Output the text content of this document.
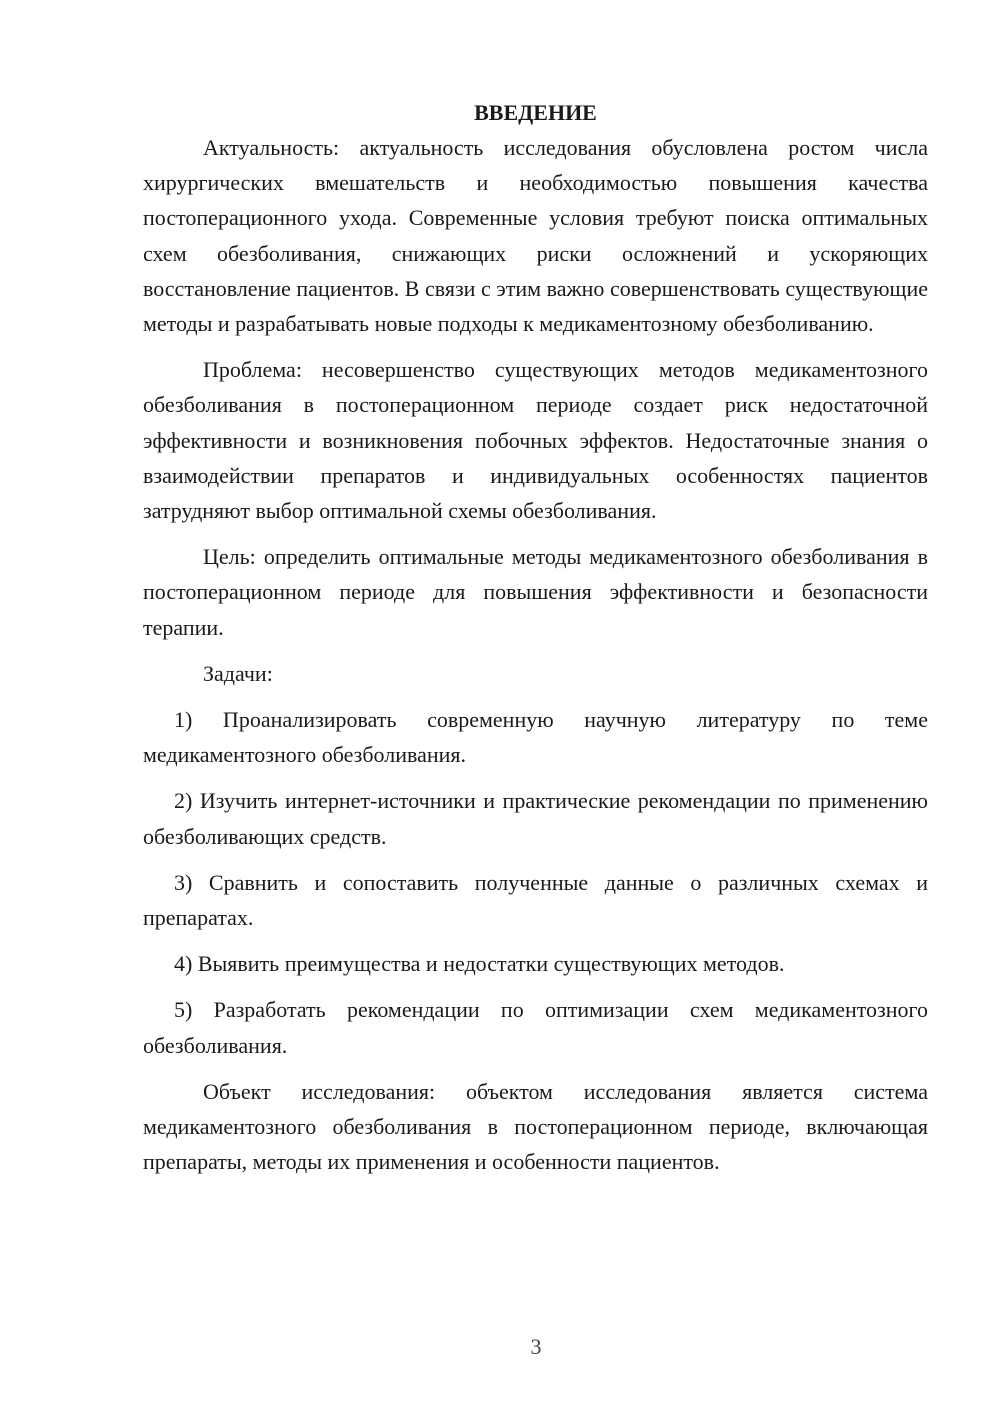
ВВЕДЕНИЕ

Актуальность: актуальность исследования обусловлена ростом числа хирургических вмешательств и необходимостью повышения качества постоперационного ухода. Современные условия требуют поиска оптимальных схем обезболивания, снижающих риски осложнений и ускоряющих восстановление пациентов. В связи с этим важно совершенствовать существующие методы и разрабатывать новые подходы к медикаментозному обезболиванию.

Проблема: несовершенство существующих методов медикаментозного обезболивания в постоперационном периоде создает риск недостаточной эффективности и возникновения побочных эффектов. Недостаточные знания о взаимодействии препаратов и индивидуальных особенностях пациентов затрудняют выбор оптимальной схемы обезболивания.

Цель: определить оптимальные методы медикаментозного обезболивания в постоперационном периоде для повышения эффективности и безопасности терапии.

Задачи:

1) Проанализировать современную научную литературу по теме медикаментозного обезболивания.

2) Изучить интернет-источники и практические рекомендации по применению обезболивающих средств.

3) Сравнить и сопоставить полученные данные о различных схемах и препаратах.

4) Выявить преимущества и недостатки существующих методов.

5) Разработать рекомендации по оптимизации схем медикаментозного обезболивания.

Объект исследования: объектом исследования является система медикаментозного обезболивания в постоперационном периоде, включающая препараты, методы их применения и особенности пациентов.

3
